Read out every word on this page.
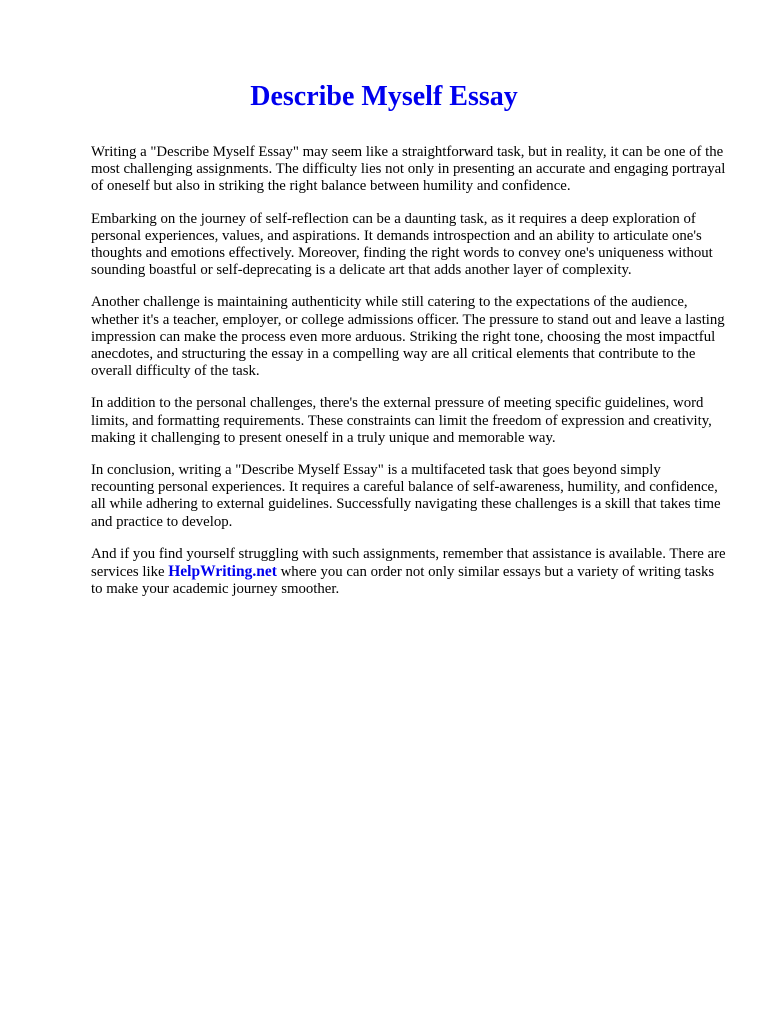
Describe Myself Essay

Writing a "Describe Myself Essay" may seem like a straightforward task, but in reality, it can be one of the most challenging assignments. The difficulty lies not only in presenting an accurate and engaging portrayal of oneself but also in striking the right balance between humility and confidence.

Embarking on the journey of self-reflection can be a daunting task, as it requires a deep exploration of personal experiences, values, and aspirations. It demands introspection and an ability to articulate one's thoughts and emotions effectively. Moreover, finding the right words to convey one's uniqueness without sounding boastful or self-deprecating is a delicate art that adds another layer of complexity.

Another challenge is maintaining authenticity while still catering to the expectations of the audience, whether it's a teacher, employer, or college admissions officer. The pressure to stand out and leave a lasting impression can make the process even more arduous. Striking the right tone, choosing the most impactful anecdotes, and structuring the essay in a compelling way are all critical elements that contribute to the overall difficulty of the task.

In addition to the personal challenges, there's the external pressure of meeting specific guidelines, word limits, and formatting requirements. These constraints can limit the freedom of expression and creativity, making it challenging to present oneself in a truly unique and memorable way.

In conclusion, writing a "Describe Myself Essay" is a multifaceted task that goes beyond simply recounting personal experiences. It requires a careful balance of self-awareness, humility, and confidence, all while adhering to external guidelines. Successfully navigating these challenges is a skill that takes time and practice to develop.

And if you find yourself struggling with such assignments, remember that assistance is available. There are services like HelpWriting.net where you can order not only similar essays but a variety of writing tasks to make your academic journey smoother.
